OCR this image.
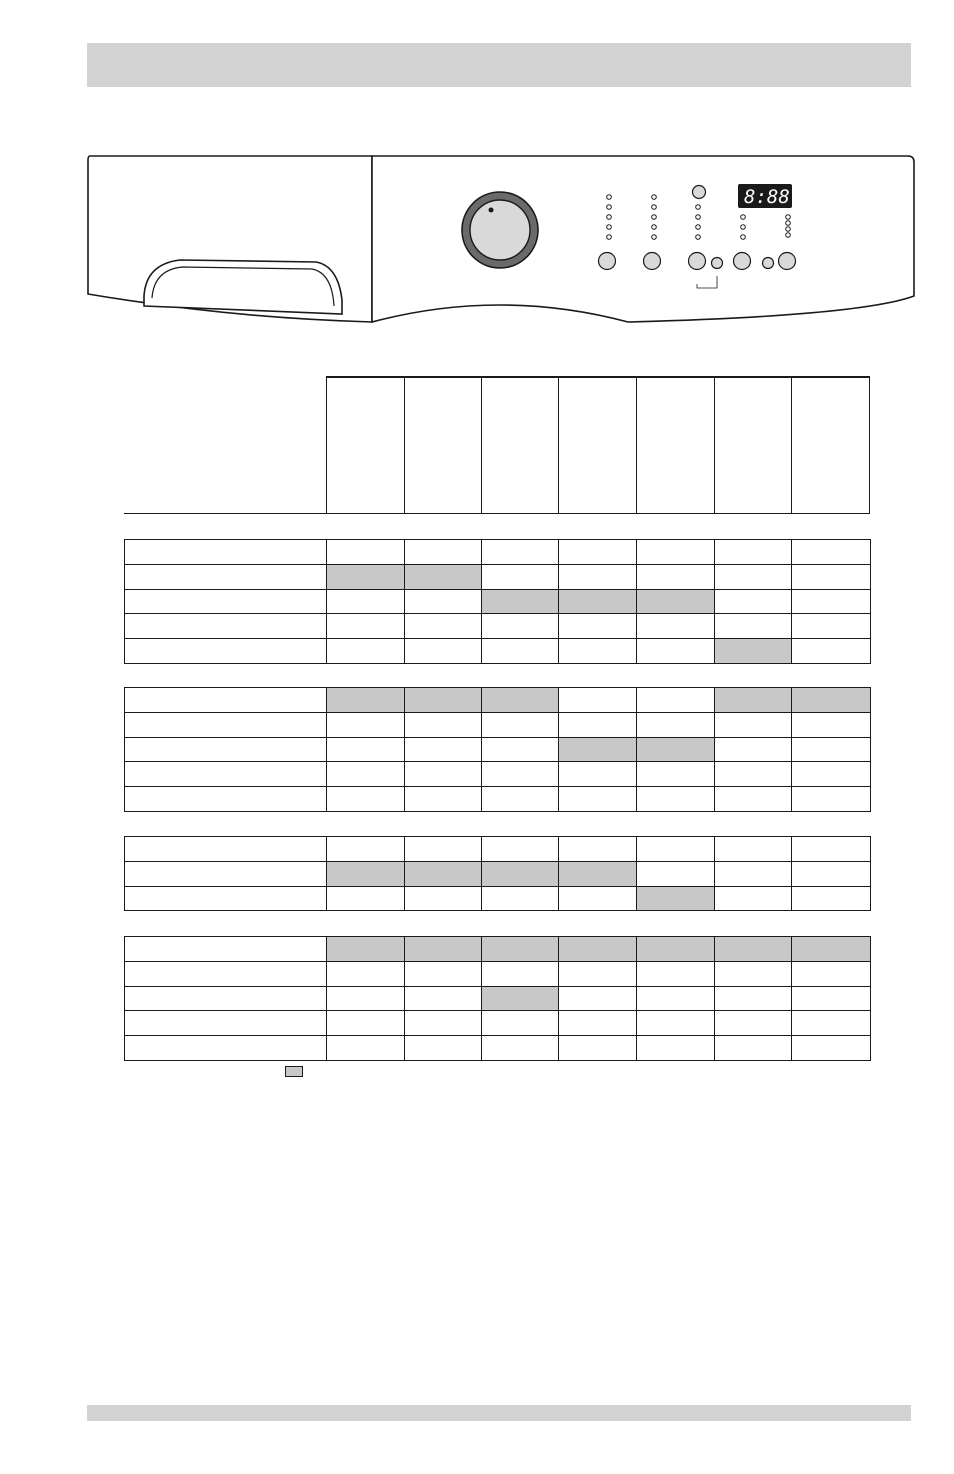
8:88
